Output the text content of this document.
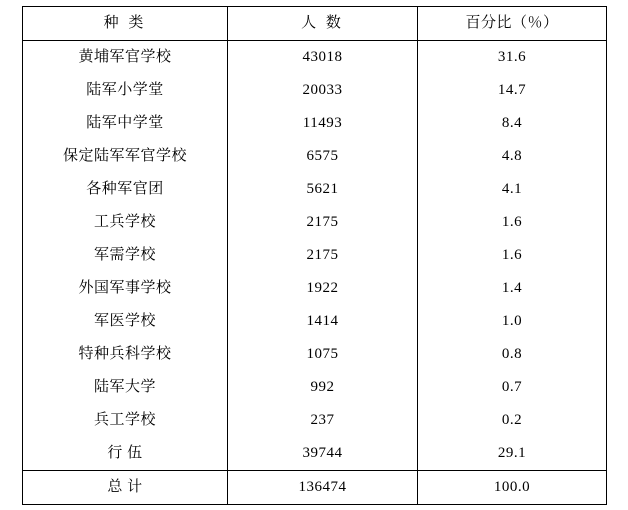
种 类	人 数	百分比（％）
黄埔军官学校	43018	31.6
陆军小学堂	20033	14.7
陆军中学堂	11493	8.4
保定陆军军官学校	6575	4.8
各种军官团	5621	4.1
工兵学校	2175	1.6
军需学校	2175	1.6
外国军事学校	1922	1.4
军医学校	1414	1.0
特种兵科学校	1075	0.8
陆军大学	992	0.7
兵工学校	237	0.2
行 伍	39744	29.1
总 计	136474	100.0
